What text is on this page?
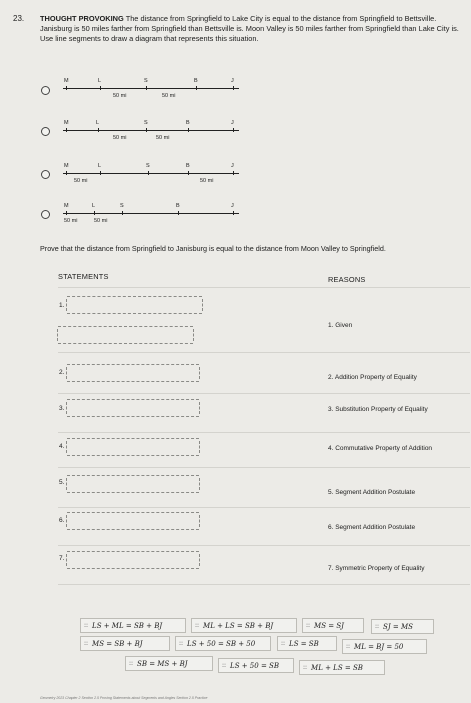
23. THOUGHT PROVOKING The distance from Springfield to Lake City is equal to the distance from Springfield to Bettsville. Janisburg is 50 miles farther from Springfield than Bettsville is. Moon Valley is 50 miles farther from Springfield than Lake City is. Use line segments to draw a diagram that represents this situation.
M	L	S	B	J
50 mi	50 mi
M	L	S	B	J
50 mi	50 mi
M	L	S	B	J
50 mi	50 mi
M	L	S	B	J
50 mi	50 mi
Prove that the distance from Springfield to Janisburg is equal to the distance from Moon Valley to Springfield.
STATEMENTS	REASONS
1.
1. Given
2.
2. Addition Property of Equality
3.	3. Substitution Property of Equality
4.	4. Commutative Property of Addition
5.
5. Segment Addition Postulate
6.
6. Segment Addition Postulate
7.
7. Symmetric Property of Equality
:: LS + ML = SB + BJ	:: ML + LS = SB + BJ	:: MS = SJ	:: SJ = MS
:: MS = SB + BJ	:: LS + 50 = SB + 50	:: LS = SB	:: ML = BJ = 50
:: SB = MS + BJ	:: LS + 50 = SB	:: ML + LS = SB
Geometry 2023 Chapter 2 Section 2.5 Proving Statements about Segments and Angles Section 2.5 Practice
